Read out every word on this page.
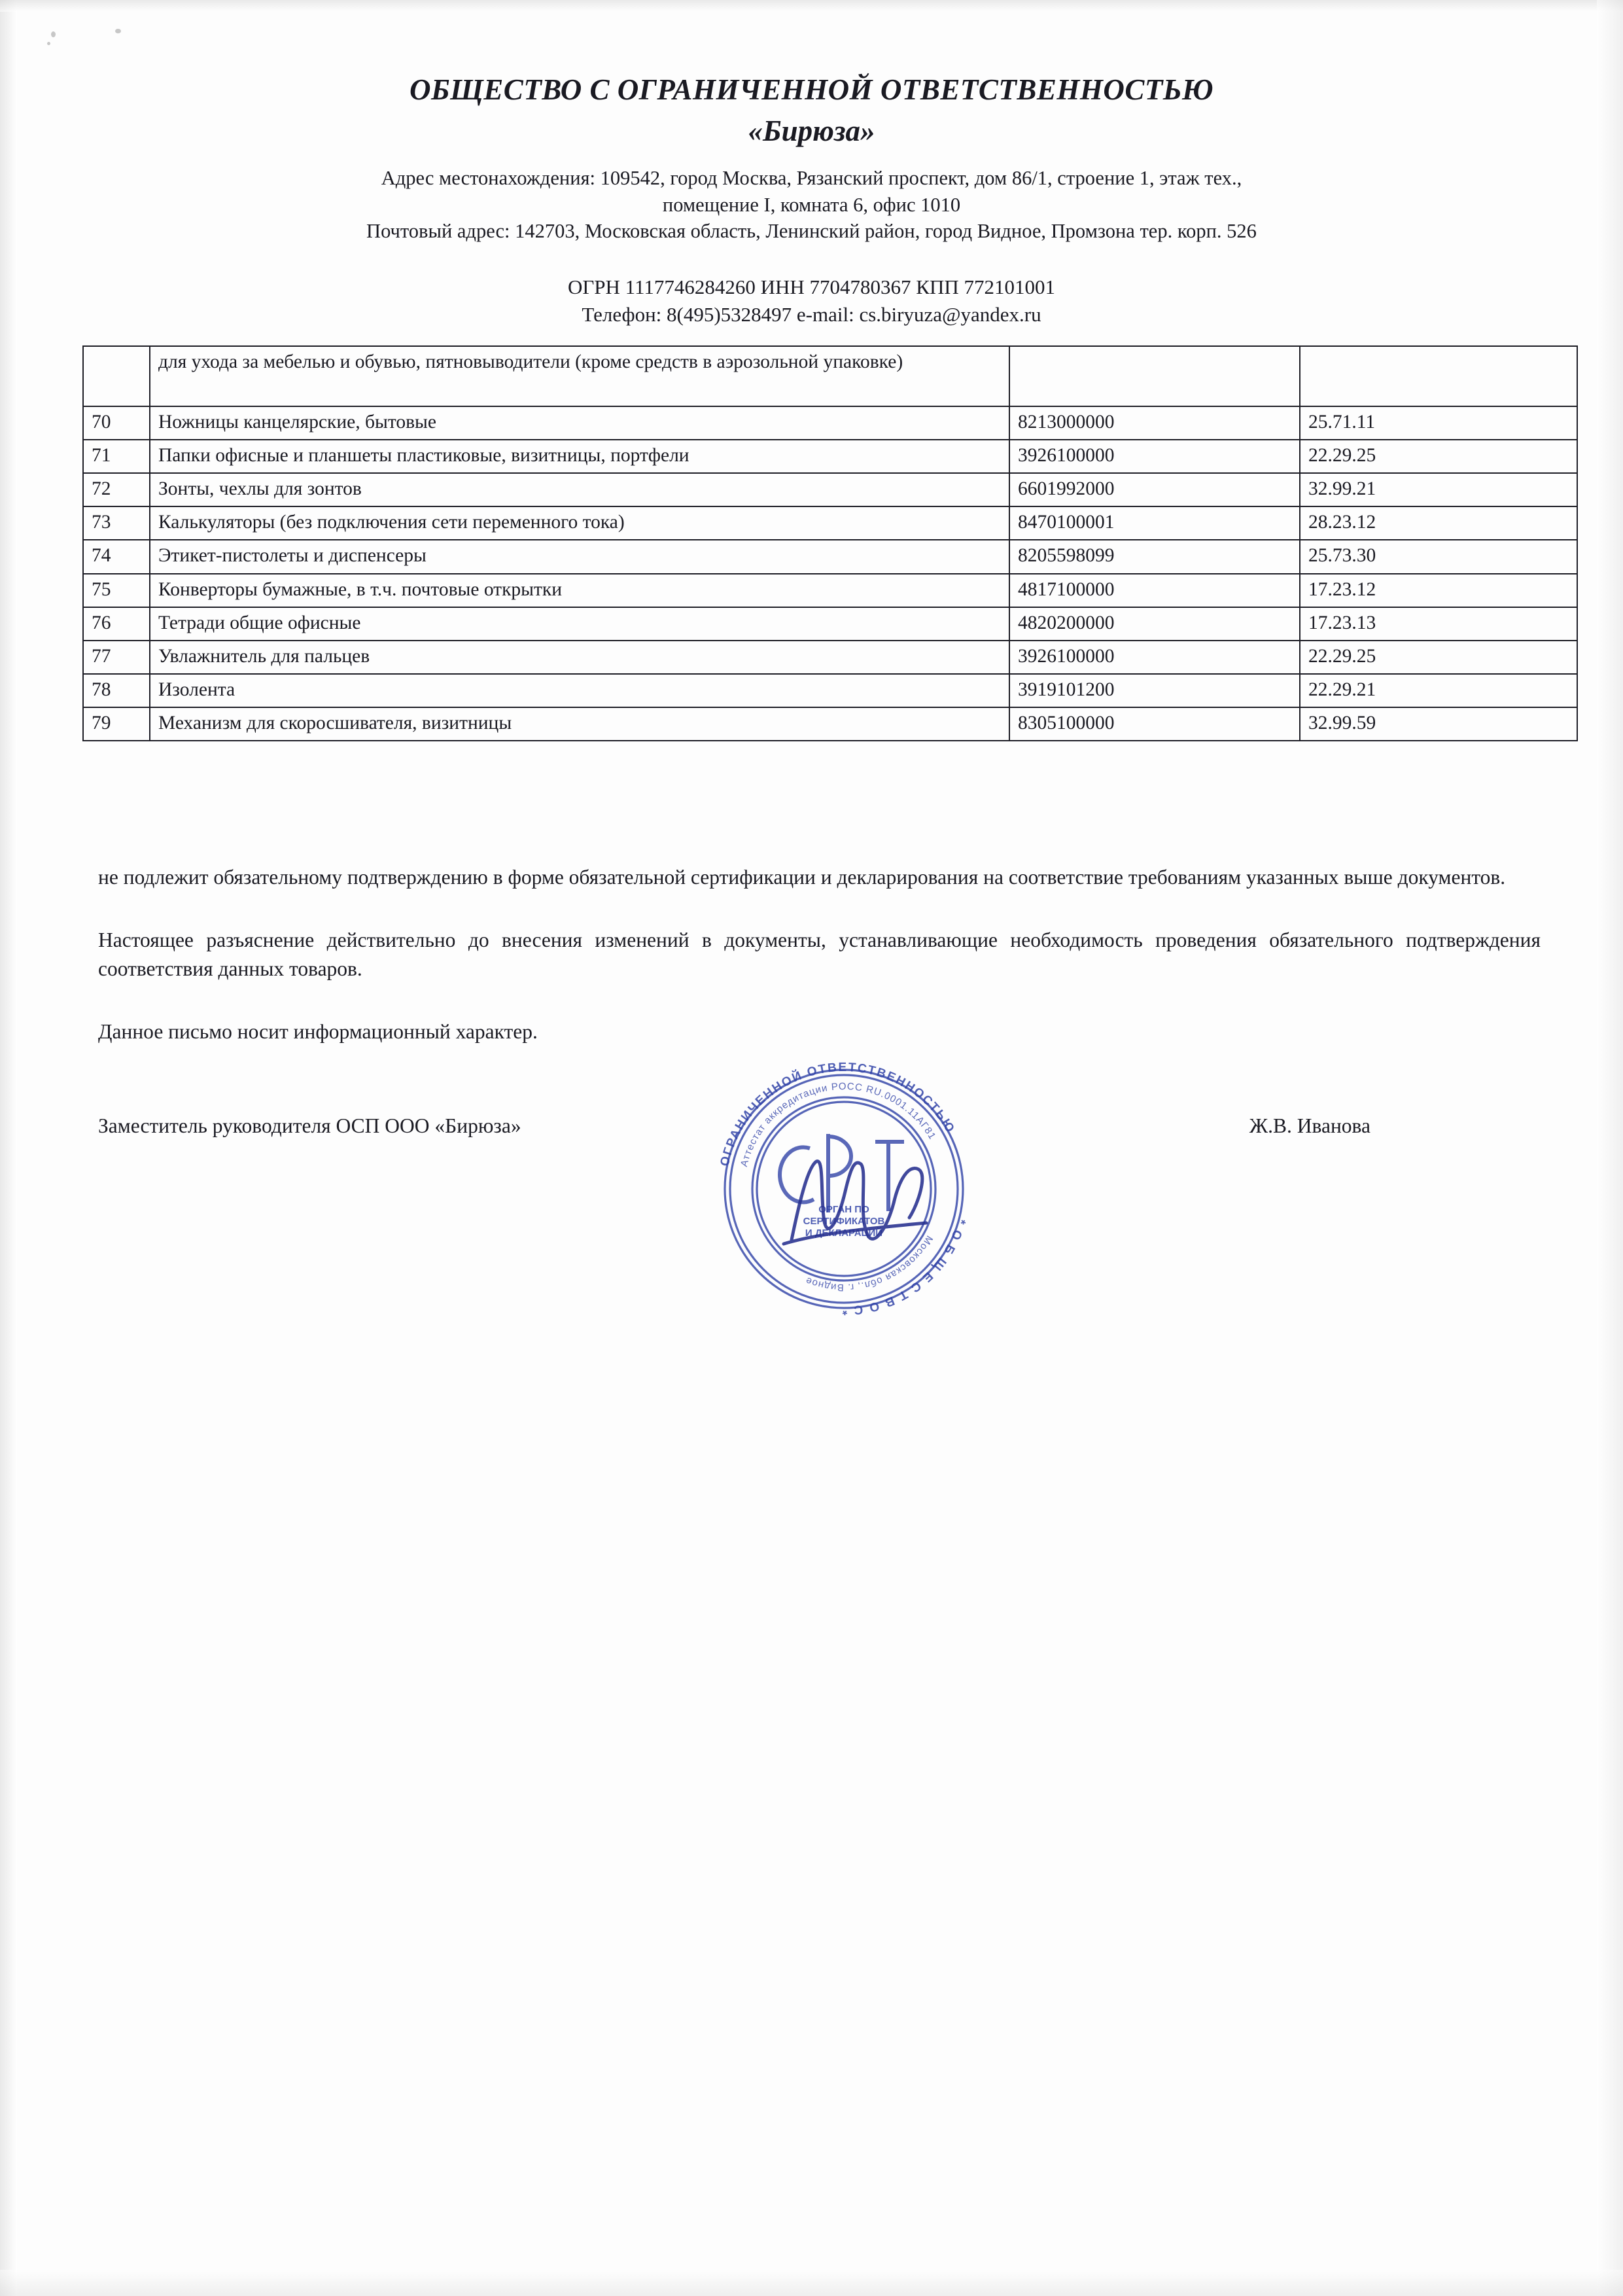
ОБЩЕСТВО С ОГРАНИЧЕННОЙ ОТВЕТСТВЕННОСТЬЮ
«Бирюза»
Адрес местонахождения: 109542, город Москва, Рязанский проспект, дом 86/1, строение 1, этаж тех.,
помещение I, комната 6, офис 1010
Почтовый адрес: 142703, Московская область, Ленинский район, город Видное, Промзона тер. корп. 526
ОГРН 1117746284260 ИНН 7704780367 КПП 772101001
Телефон: 8(495)5328497 e-mail: cs.biryuza@yandex.ru
	для ухода за мебелью и обувью, пятновыводители (кроме средств в аэрозольной упаковке)		
70	Ножницы канцелярские, бытовые	8213000000	25.71.11
71	Папки офисные и планшеты пластиковые, визитницы, портфели	3926100000	22.29.25
72	Зонты, чехлы для зонтов	6601992000	32.99.21
73	Калькуляторы (без подключения сети переменного тока)	8470100001	28.23.12
74	Этикет-пистолеты и диспенсеры	8205598099	25.73.30
75	Конверторы бумажные, в т.ч. почтовые открытки	4817100000	17.23.12
76	Тетради общие офисные	4820200000	17.23.13
77	Увлажнитель для пальцев	3926100000	22.29.25
78	Изолента	3919101200	22.29.21
79	Механизм для скоросшивателя, визитницы	8305100000	32.99.59
не подлежит обязательному подтверждению в форме обязательной сертификации и декларирования на соответствие требованиям указанных выше документов.
Настоящее разъяснение действительно до внесения изменений в документы, устанавливающие необходимость проведения обязательного подтверждения соответствия данных товаров.
Данное письмо носит информационный характер.
Заместитель руководителя ОСП ООО «Бирюза»	Ж.В. Иванова
ОГРАНИЧЕННОЙ ОТВЕТСТВЕННОСТЬЮ
* О Б Щ Е С Т В О С *
Аттестат аккредитации РОСС RU.0001.11АГ81
Московская обл., г. Видное
ОРГАН ПО
СЕРТИФИКАТОВ
И ДЕКЛАРАЦИЙ
